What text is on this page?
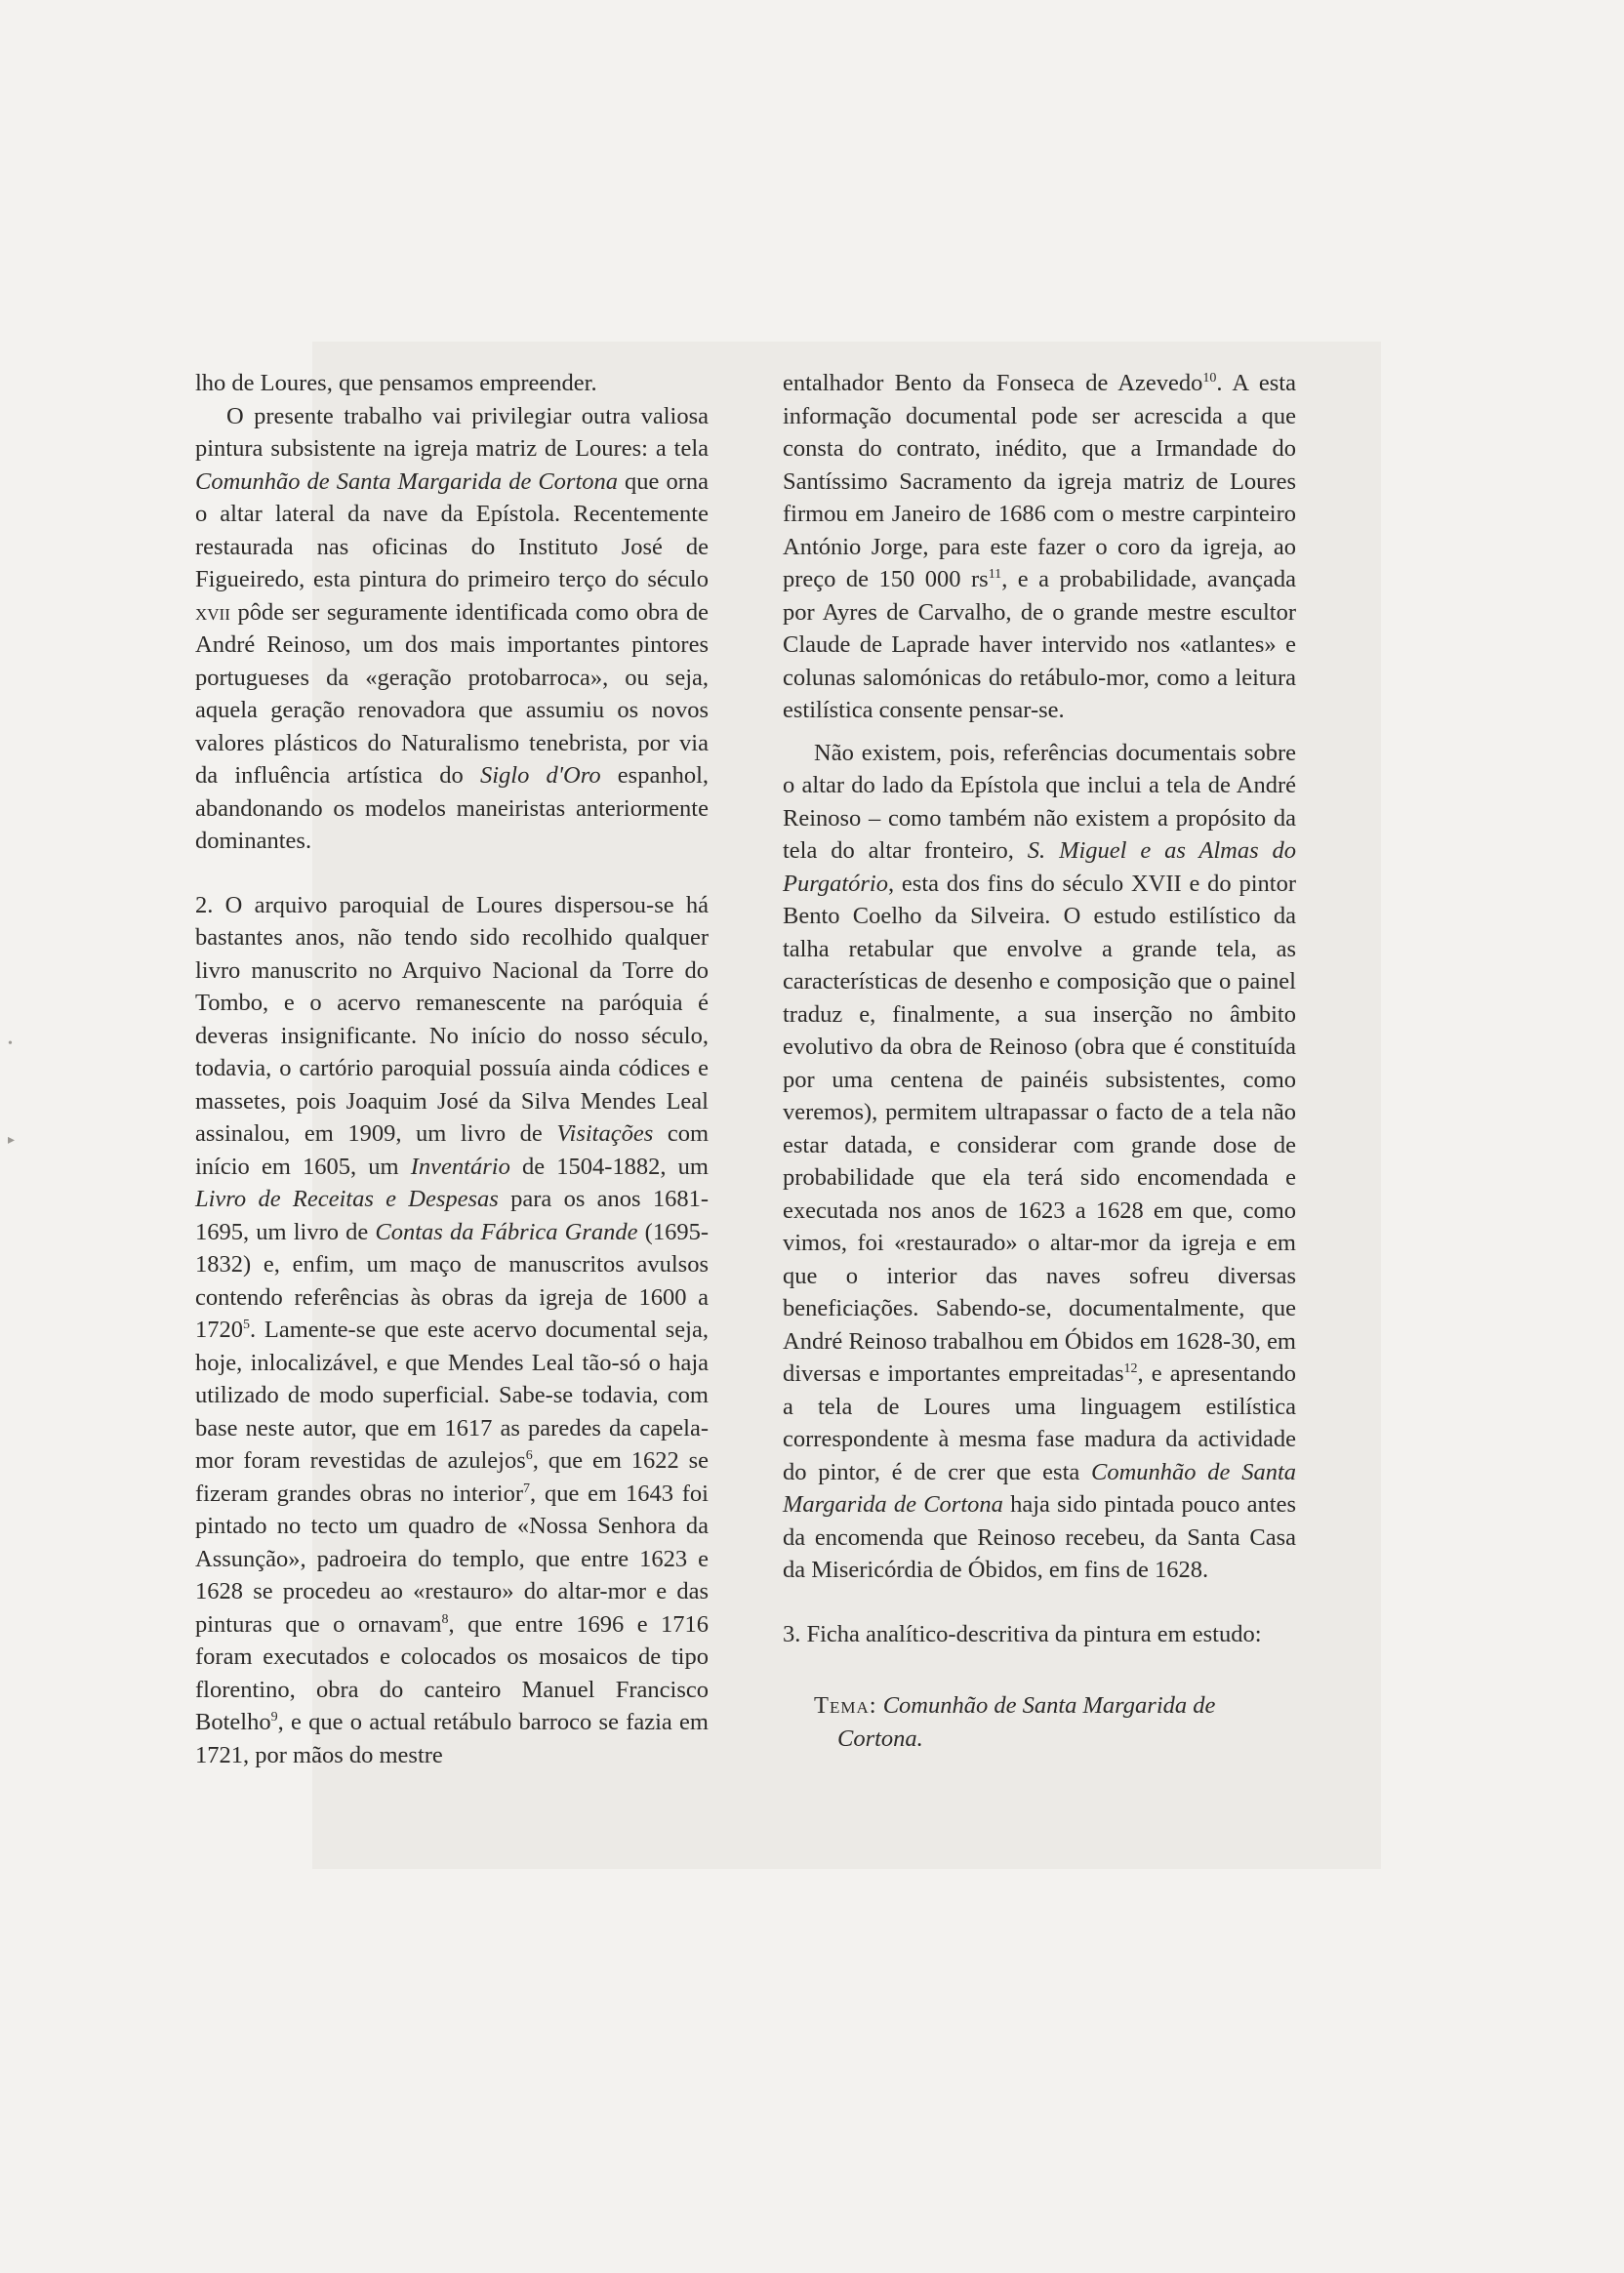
lho de Loures, que pensamos empreender.

O presente trabalho vai privilegiar outra valiosa pintura subsistente na igreja matriz de Loures: a tela Comunhão de Santa Margarida de Cortona que orna o altar lateral da nave da Epístola. Recentemente restaurada nas oficinas do Instituto José de Figueiredo, esta pintura do primeiro terço do século xvii pôde ser seguramente identificada como obra de André Reinoso, um dos mais importantes pintores portugueses da «geração protobarroca», ou seja, aquela geração renovadora que assumiu os novos valores plásticos do Naturalismo tenebrista, por via da influência artística do Siglo d'Oro espanhol, abandonando os modelos maneiristas anteriormente dominantes.

2. O arquivo paroquial de Loures dispersou-se há bastantes anos, não tendo sido recolhido qualquer livro manuscrito no Arquivo Nacional da Torre do Tombo, e o acervo remanescente na paróquia é deveras insignificante. No início do nosso século, todavia, o cartório paroquial possuía ainda códices e massetes, pois Joaquim José da Silva Mendes Leal assinalou, em 1909, um livro de Visitações com início em 1605, um Inventário de 1504-1882, um Livro de Receitas e Despesas para os anos 1681-1695, um livro de Contas da Fábrica Grande (1695-1832) e, enfim, um maço de manuscritos avulsos contendo referências às obras da igreja de 1600 a 1720$^5$. Lamente-se que este acervo documental seja, hoje, inlocalizável, e que Mendes Leal tão-só o haja utilizado de modo superficial. Sabe-se todavia, com base neste autor, que em 1617 as paredes da capela-mor foram revestidas de azulejos$^6$, que em 1622 se fizeram grandes obras no interior$^7$, que em 1643 foi pintado no tecto um quadro de «Nossa Senhora da Assunção», padroeira do templo, que entre 1623 e 1628 se procedeu ao «restauro» do altar-mor e das pinturas que o ornavam$^8$, que entre 1696 e 1716 foram executados e colocados os mosaicos de tipo florentino, obra do canteiro Manuel Francisco Botelho$^9$, e que o actual retábulo barroco se fazia em 1721, por mãos do mestre

entalhador Bento da Fonseca de Azevedo$^{10}$. A esta informação documental pode ser acrescida a que consta do contrato, inédito, que a Irmandade do Santíssimo Sacramento da igreja matriz de Loures firmou em Janeiro de 1686 com o mestre carpinteiro António Jorge, para este fazer o coro da igreja, ao preço de 150 000 $rs^{11}$, e a probabilidade, avançada por Ayres de Carvalho, de o grande mestre escultor Claude de Laprade haver intervido nos «atlantes» e colunas salomónicas do retábulo-mor, como a leitura estilística consente pensar-se.

Não existem, pois, referências documentais sobre o altar do lado da Epístola que inclui a tela de André Reinoso – como também não existem a propósito da tela do altar fronteiro, S. Miguel e as Almas do Purgatório, esta dos fins do século XVII e do pintor Bento Coelho da Silveira. O estudo estilístico da talha retabular que envolve a grande tela, as características de desenho e composição que o painel traduz e, finalmente, a sua inserção no âmbito evolutivo da obra de Reinoso (obra que é constituída por uma centena de painéis subsistentes, como veremos), permitem ultrapassar o facto de a tela não estar datada, e considerar com grande dose de probabilidade que ela terá sido encomendada e executada nos anos de 1623 a 1628 em que, como vimos, foi «restaurado» o altar-mor da igreja e em que o interior das naves sofreu diversas beneficiações. Sabendo-se, documentalmente, que André Reinoso trabalhou em Óbidos em 1628-30, em diversas e importantes empreitadas$^{12}$, e apresentando a tela de Loures uma linguagem estilística correspondente à mesma fase madura da actividade do pintor, é de crer que esta Comunhão de Santa Margarida de Cortona haja sido pintada pouco antes da encomenda que Reinoso recebeu, da Santa Casa da Misericórdia de Óbidos, em fins de 1628.

3. Ficha analítico-descritiva da pintura em estudo:

Tema: Comunhão de Santa Margarida de
Cortona.

•
▸
